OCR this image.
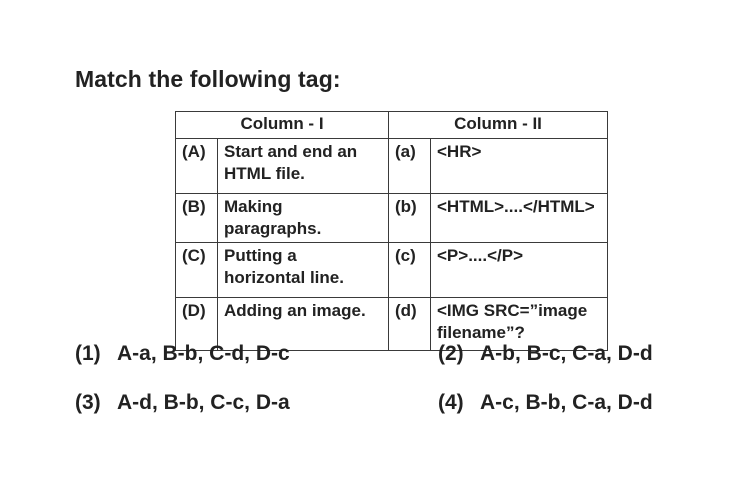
Match the following tag:
Column - I		Column - II	
(A)	Start and end an HTML file.	(a)	<HR>
(B)	Making paragraphs.	(b)	<HTML>....</HTML>
(C)	Putting a horizontal line.	(c)	<P>....</P>
(D)	Adding an image.	(d)	<IMG SRC=”image filename”?
(1) A-a, B-b, C-d, D-c	(2) A-b, B-c, C-a, D-d
(3) A-d, B-b, C-c, D-a	(4) A-c, B-b, C-a, D-d
